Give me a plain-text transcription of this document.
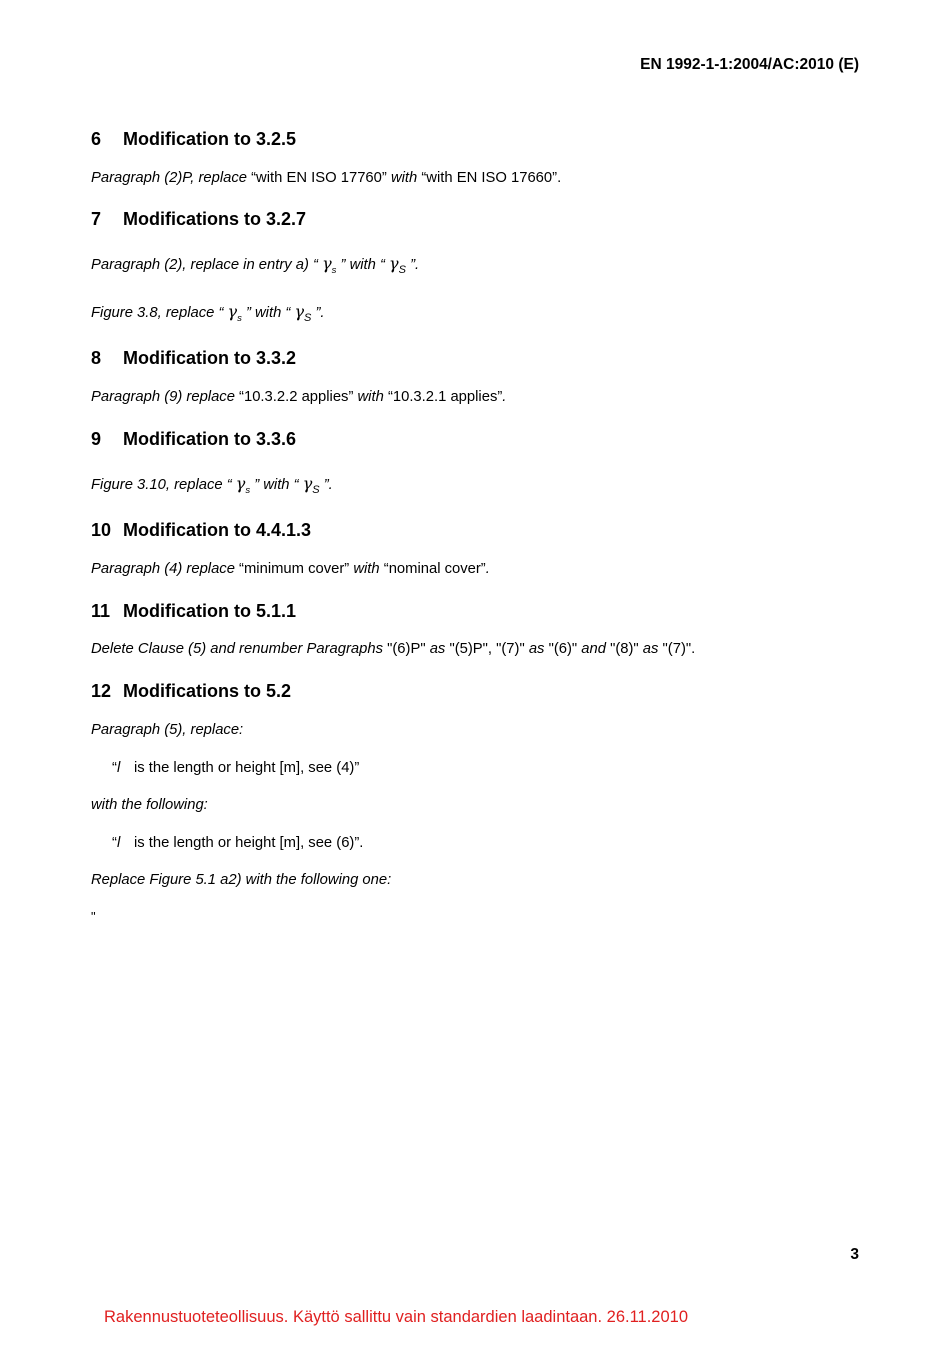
EN 1992-1-1:2004/AC:2010 (E)
6 Modification to 3.2.5
Paragraph (2)P, replace “with EN ISO 17760” with “with EN ISO 17660”.
7 Modifications to 3.2.7
Paragraph (2), replace in entry a) “ $\gamma_s$ ” with “ $\gamma_S$ ”.
Figure 3.8, replace “ $\gamma_s$ ” with “ $\gamma_S$ ”.
8 Modification to 3.3.2
Paragraph (9) replace “10.3.2.2 applies” with “10.3.2.1 applies”.
9 Modification to 3.3.6
Figure 3.10, replace “ $\gamma_s$ ” with “ $\gamma_S$ ”.
10 Modification to 4.4.1.3
Paragraph (4) replace “minimum cover” with “nominal cover”.
11 Modification to 5.1.1
Delete Clause (5) and renumber Paragraphs "(6)P" as "(5)P", "(7)" as "(6)" and "(8)" as "(7)".
12 Modifications to 5.2
Paragraph (5), replace:
“l is the length or height [m], see (4)”
with the following:
“l is the length or height [m], see (6)”.
Replace Figure 5.1 a2) with the following one:
"
3
Rakennustuoteteollisuus. Käyttö sallittu vain standardien laadintaan. 26.11.2010
